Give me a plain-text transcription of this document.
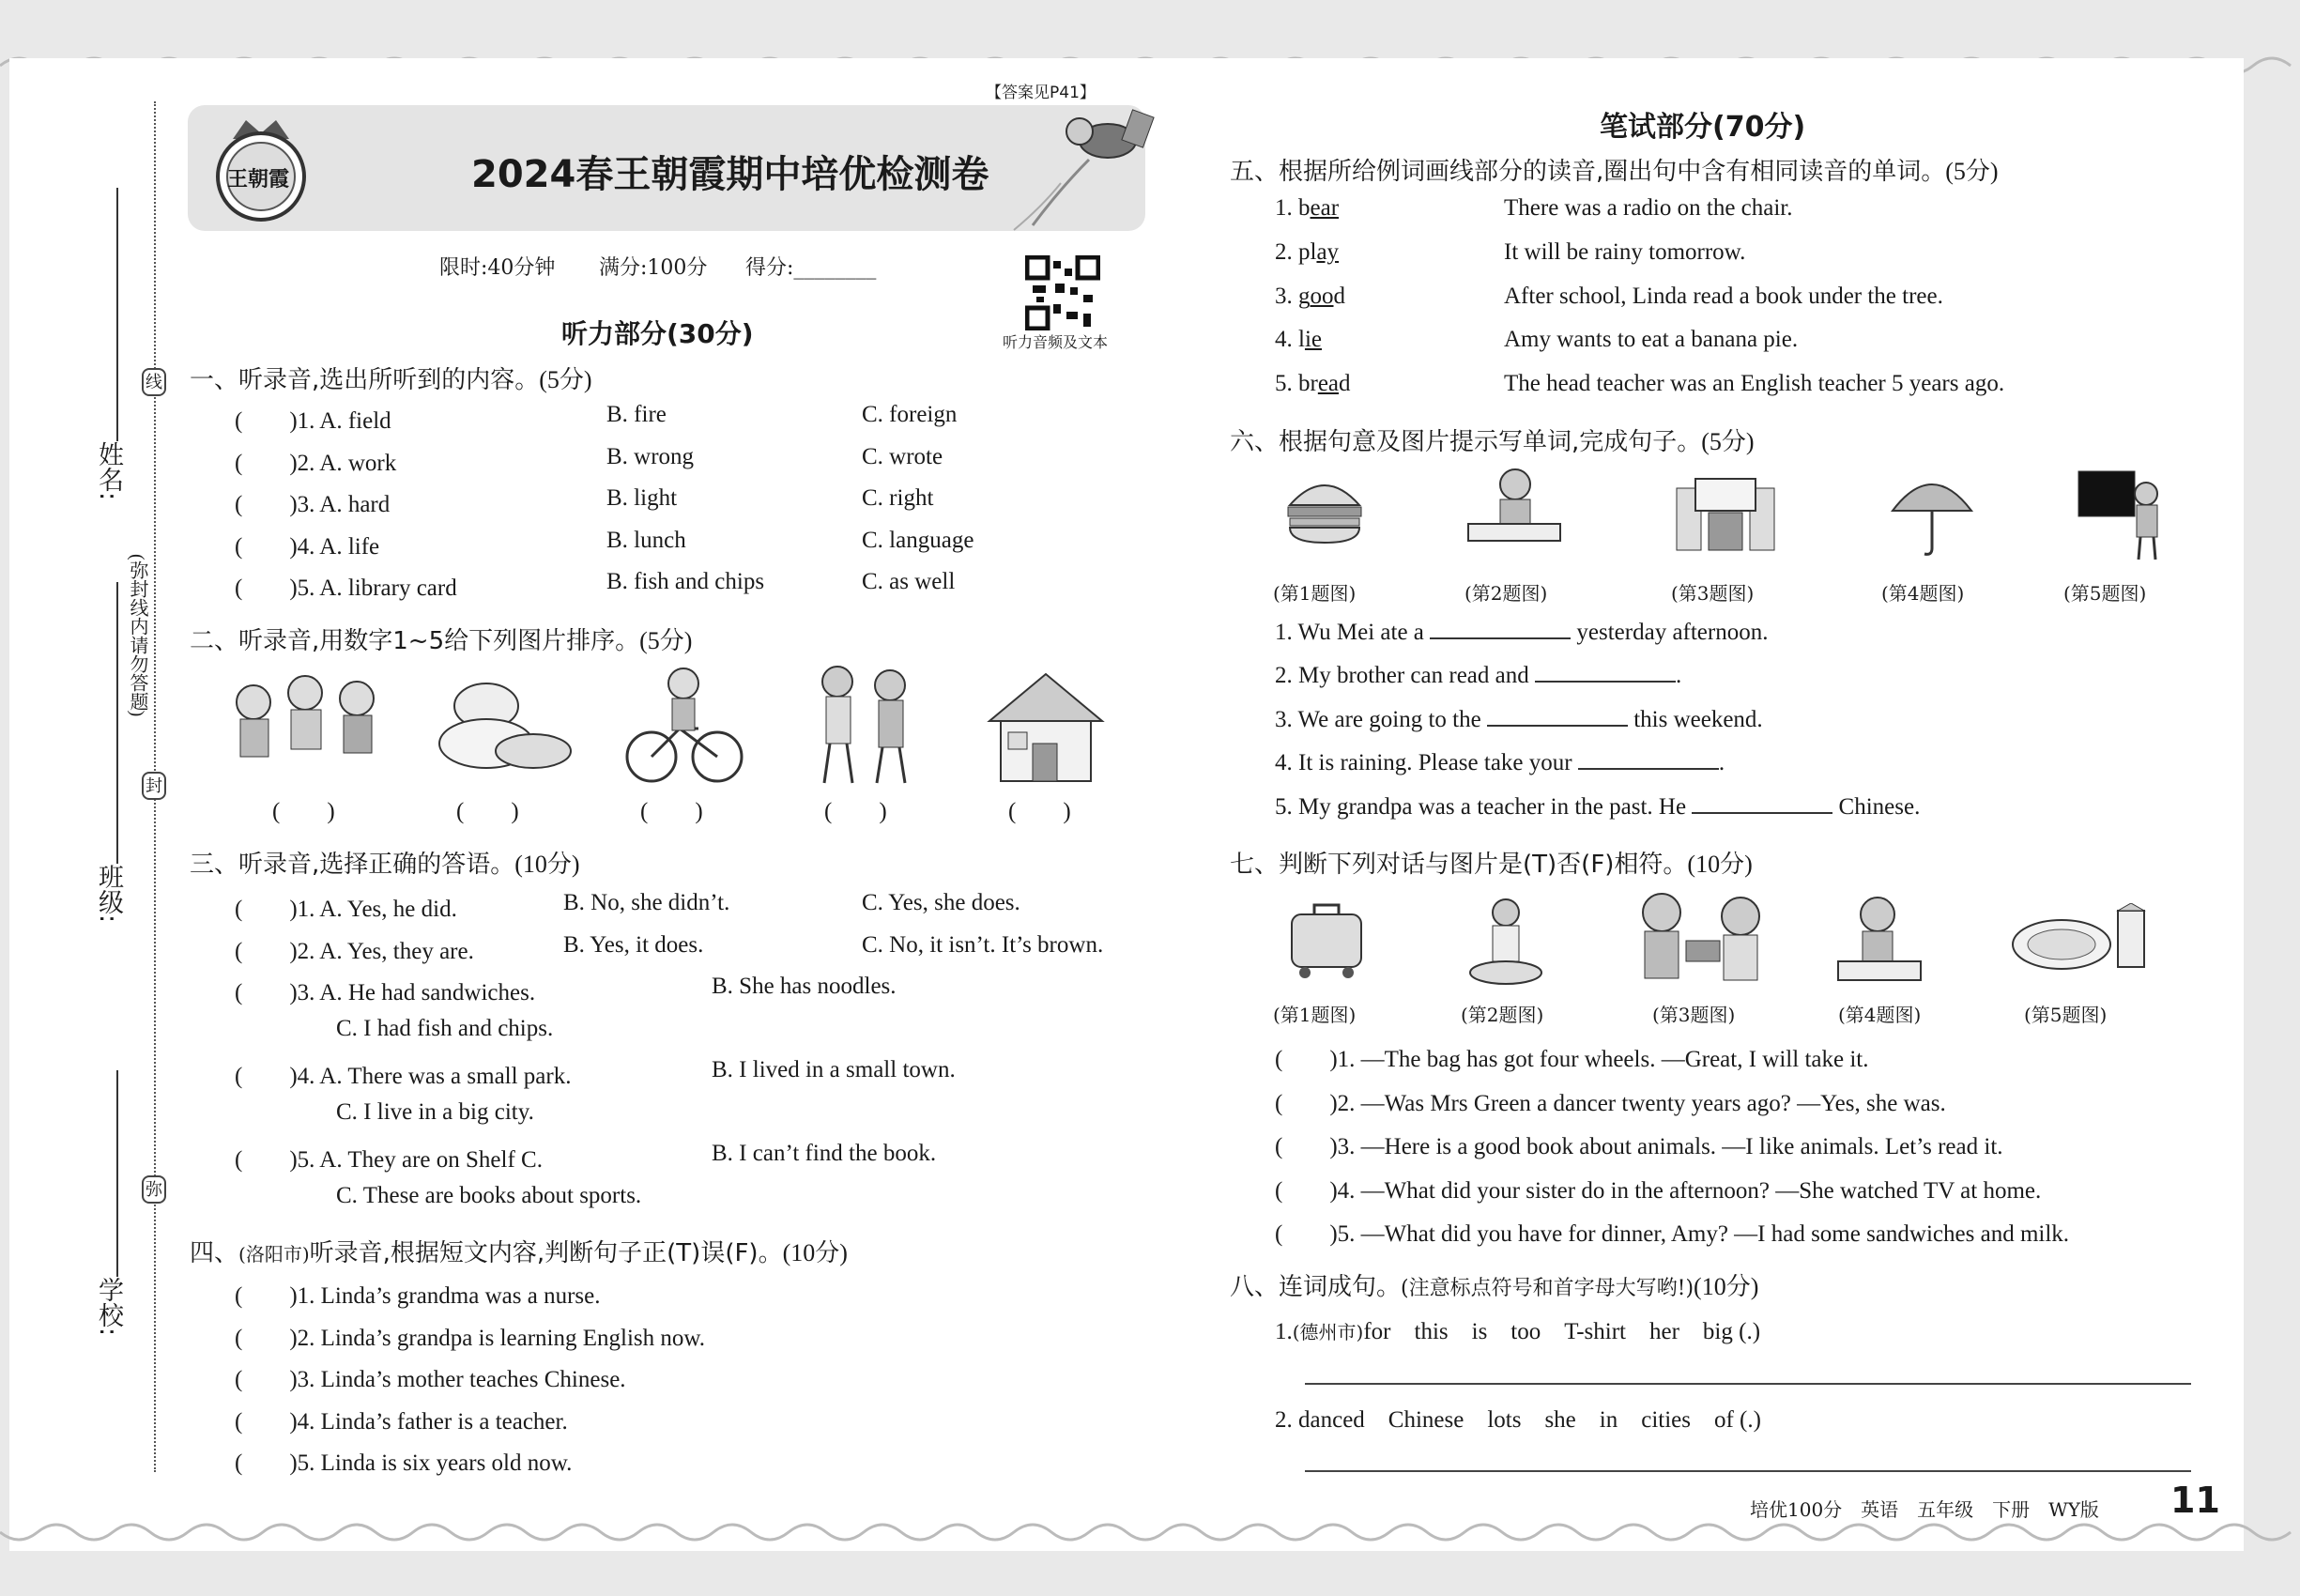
姓名:
班级:
学校:
(弥封线内请勿答题)
线
封
弥
王朝霞
【答案见P41】
2024春王朝霞期中培优检测卷
限时:40分钟 满分:100分 得分:________
听力音频及文本
听力部分(30分)
一、听录音,选出所听到的内容。(5分)
(　　)1. A. field	B. fire	C. foreign
(　　)2. A. work	B. wrong	C. wrote
(　　)3. A. hard	B. light	C. right
(　　)4. A. life	B. lunch	C. language
(　　)5. A. library card	B. fish and chips	C. as well
二、听录音,用数字1~5给下列图片排序。(5分)
(　　)	(　　)	(　　)	(　　)	(　　)
三、听录音,选择正确的答语。(10分)
(　　)1. A. Yes, he did.	B. No, she didn’t.	C. Yes, she does.
(　　)2. A. Yes, they are.	B. Yes, it does.	C. No, it isn’t. It’s brown.
(　　)3. A. He had sandwiches.	B. She has noodles.
C. I had fish and chips.
(　　)4. A. There was a small park.	B. I lived in a small town.
C. I live in a big city.
(　　)5. A. They are on Shelf C.	B. I can’t find the book.
C. These are books about sports.
四、(洛阳市)听录音,根据短文内容,判断句子正(T)误(F)。(10分)
(　　)1. Linda’s grandma was a nurse.
(　　)2. Linda’s grandpa is learning English now.
(　　)3. Linda’s mother teaches Chinese.
(　　)4. Linda’s father is a teacher.
(　　)5. Linda is six years old now.
笔试部分(70分)
五、根据所给例词画线部分的读音,圈出句中含有相同读音的单词。(5分)
1. bear	There was a radio on the chair.
2. play	It will be rainy tomorrow.
3. good	After school, Linda read a book under the tree.
4. lie	Amy wants to eat a banana pie.
5. bread	The head teacher was an English teacher 5 years ago.
六、根据句意及图片提示写单词,完成句子。(5分)
(第1题图)	(第2题图)	(第3题图)	(第4题图)	(第5题图)
1. Wu Mei ate a	yesterday afternoon.
2. My brother can read and	.
3. We are going to the	this weekend.
4. It is raining. Please take your	.
5. My grandpa was a teacher in the past. He	Chinese.
七、判断下列对话与图片是(T)否(F)相符。(10分)
(第1题图)	(第2题图)	(第3题图)	(第4题图)	(第5题图)
(　　)1. —The bag has got four wheels. —Great, I will take it.
(　　)2. —Was Mrs Green a dancer twenty years ago? —Yes, she was.
(　　)3. —Here is a good book about animals. —I like animals. Let’s read it.
(　　)4. —What did your sister do in the afternoon? —She watched TV at home.
(　　)5. —What did you have for dinner, Amy? —I had some sandwiches and milk.
八、连词成句。(注意标点符号和首字母大写哟!)(10分)
1.(德州市)for　this　is　too　T-shirt　her　big (.)
2. danced　Chinese　lots　she　in　cities　of (.)
培优100分　英语　五年级　下册　WY版 11
